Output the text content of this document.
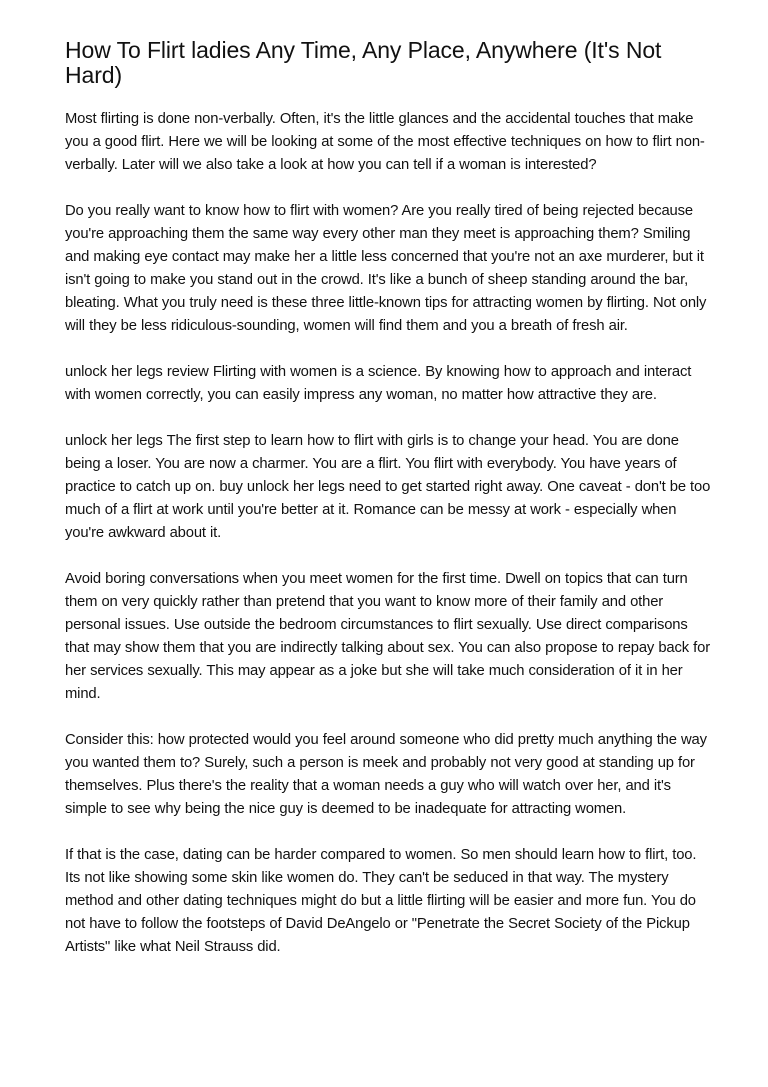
How To Flirt ladies Any Time, Any Place, Anywhere (It's Not Hard)

Most flirting is done non-verbally. Often, it's the little glances and the accidental touches that make you a good flirt. Here we will be looking at some of the most effective techniques on how to flirt non-verbally. Later will we also take a look at how you can tell if a woman is interested?

Do you really want to know how to flirt with women? Are you really tired of being rejected because you're approaching them the same way every other man they meet is approaching them? Smiling and making eye contact may make her a little less concerned that you're not an axe murderer, but it isn't going to make you stand out in the crowd. It's like a bunch of sheep standing around the bar, bleating. What you truly need is these three little-known tips for attracting women by flirting. Not only will they be less ridiculous-sounding, women will find them and you a breath of fresh air.

unlock her legs review Flirting with women is a science. By knowing how to approach and interact with women correctly, you can easily impress any woman, no matter how attractive they are.

unlock her legs The first step to learn how to flirt with girls is to change your head. You are done being a loser. You are now a charmer. You are a flirt. You flirt with everybody. You have years of practice to catch up on. buy unlock her legs need to get started right away. One caveat - don't be too much of a flirt at work until you're better at it. Romance can be messy at work - especially when you're awkward about it.

Avoid boring conversations when you meet women for the first time. Dwell on topics that can turn them on very quickly rather than pretend that you want to know more of their family and other personal issues. Use outside the bedroom circumstances to flirt sexually. Use direct comparisons that may show them that you are indirectly talking about sex. You can also propose to repay back for her services sexually. This may appear as a joke but she will take much consideration of it in her mind.

Consider this: how protected would you feel around someone who did pretty much anything the way you wanted them to? Surely, such a person is meek and probably not very good at standing up for themselves. Plus there's the reality that a woman needs a guy who will watch over her, and it's simple to see why being the nice guy is deemed to be inadequate for attracting women.

If that is the case, dating can be harder compared to women. So men should learn how to flirt, too. Its not like showing some skin like women do. They can't be seduced in that way. The mystery method and other dating techniques might do but a little flirting will be easier and more fun. You do not have to follow the footsteps of David DeAngelo or "Penetrate the Secret Society of the Pickup Artists" like what Neil Strauss did.
